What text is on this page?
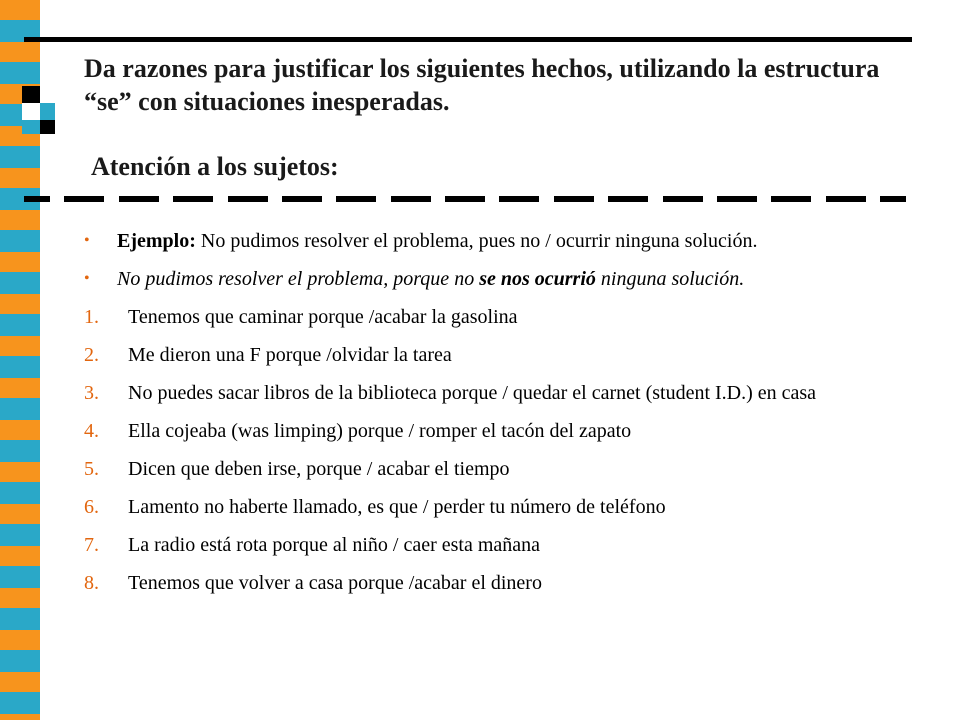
Da razones para justificar los siguientes hechos, utilizando la estructura “se” con situaciones inesperadas.
Atención a los sujetos:
•	Ejemplo: No pudimos resolver el problema, pues no / ocurrir ninguna solución.
•	No pudimos resolver el problema, porque no se nos ocurrió ninguna solución.
1.	Tenemos que caminar porque /acabar la gasolina
2.	Me dieron una F porque /olvidar la tarea
3.	No puedes sacar libros de la biblioteca porque / quedar el carnet (student I.D.) en casa
4.	Ella cojeaba (was limping) porque / romper el tacón del zapato
5.	Dicen que deben irse, porque / acabar el tiempo
6.	Lamento no haberte llamado, es que / perder tu número de teléfono
7.	La radio está rota porque al niño / caer esta mañana
8.	Tenemos que volver a casa porque /acabar el dinero
